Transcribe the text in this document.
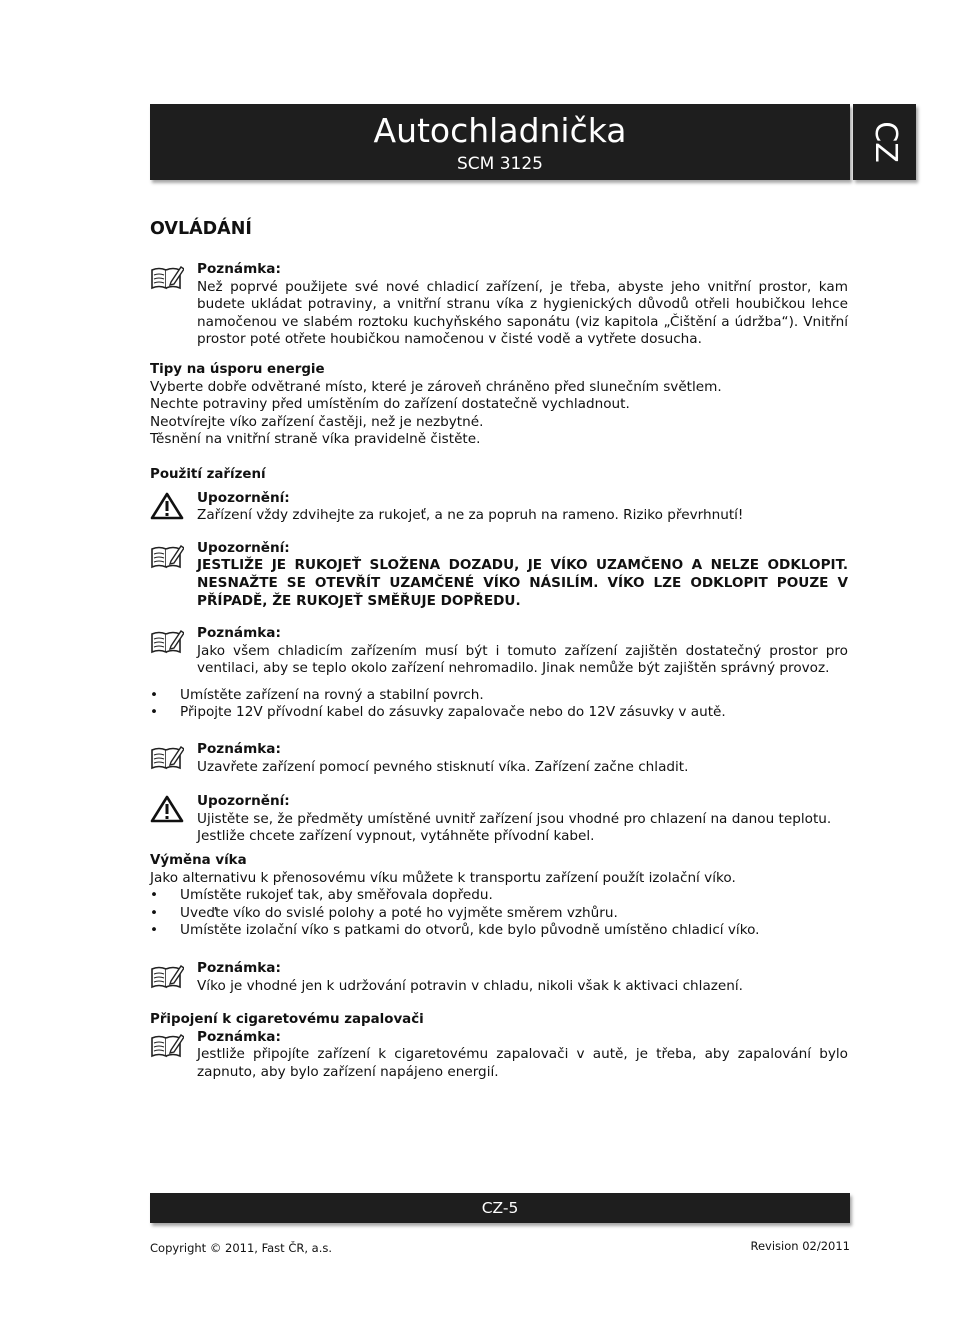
Autochladnička
SCM 3125
CZ
OVLÁDÁNÍ
Poznámka:

Než poprvé použijete své nové chladicí zařízení, je třeba, abyste jeho vnitřní prostor, kam budete ukládat potraviny, a vnitřní stranu víka z hygienických důvodů otřeli houbičkou lehce namočenou ve slabém roztoku kuchyňského saponátu (viz kapitola „Čištění a údržba“). Vnitřní prostor poté otřete houbičkou namočenou v čisté vodě a vytřete dosucha.

Tipy na úsporu energie

Vyberte dobře odvětrané místo, které je zároveň chráněno před slunečním světlem.

Nechte potraviny před umístěním do zařízení dostatečně vychladnout.

Neotvírejte víko zařízení častěji, než je nezbytné.

Těsnění na vnitřní straně víka pravidelně čistěte.

Použití zařízení
Upozornění:

Zařízení vždy zdvihejte za rukojeť, a ne za popruh na rameno. Riziko převrhnutí!

Upozornění:

JESTLIŽE JE RUKOJEŤ SLOŽENA DOZADU, JE VÍKO UZAMČENO A NELZE ODKLOPIT. NESNAŽTE SE OTEVŘÍT UZAMČENÉ VÍKO NÁSILÍM. VÍKO LZE ODKLOPIT POUZE V PŘÍPADĚ, ŽE RUKOJEŤ SMĚŘUJE DOPŘEDU.

Poznámka:

Jako všem chladicím zařízením musí být i tomuto zařízení zajištěn dostatečný prostor pro ventilaci, aby se teplo okolo zařízení nehromadilo. Jinak nemůže být zajištěn správný provoz.

• Umístěte zařízení na rovný a stabilní povrch.
• Připojte 12V přívodní kabel do zásuvky zapalovače nebo do 12V zásuvky v autě.
Poznámka:

Uzavřete zařízení pomocí pevného stisknutí víka. Zařízení začne chladit.

Upozornění:

Ujistěte se, že předměty umístěné uvnitř zařízení jsou vhodné pro chlazení na danou teplotu.

Jestliže chcete zařízení vypnout, vytáhněte přívodní kabel.

Výměna víka

Jako alternativu k přenosovému víku můžete k transportu zařízení použít izolační víko.

• Umístěte rukojeť tak, aby směřovala dopředu.
• Uveďte víko do svislé polohy a poté ho vyjměte směrem vzhůru.
• Umístěte izolační víko s patkami do otvorů, kde bylo původně umístěno chladicí víko.
Poznámka:

Víko je vhodné jen k udržování potravin v chladu, nikoli však k aktivaci chlazení.

Připojení k cigaretovému zapalovači
Poznámka:

Jestliže připojíte zařízení k cigaretovému zapalovači v autě, je třeba, aby zapalování bylo zapnuto, aby bylo zařízení napájeno energií.

CZ-5
Copyright © 2011, Fast ČR, a.s.	Revision 02/2011
